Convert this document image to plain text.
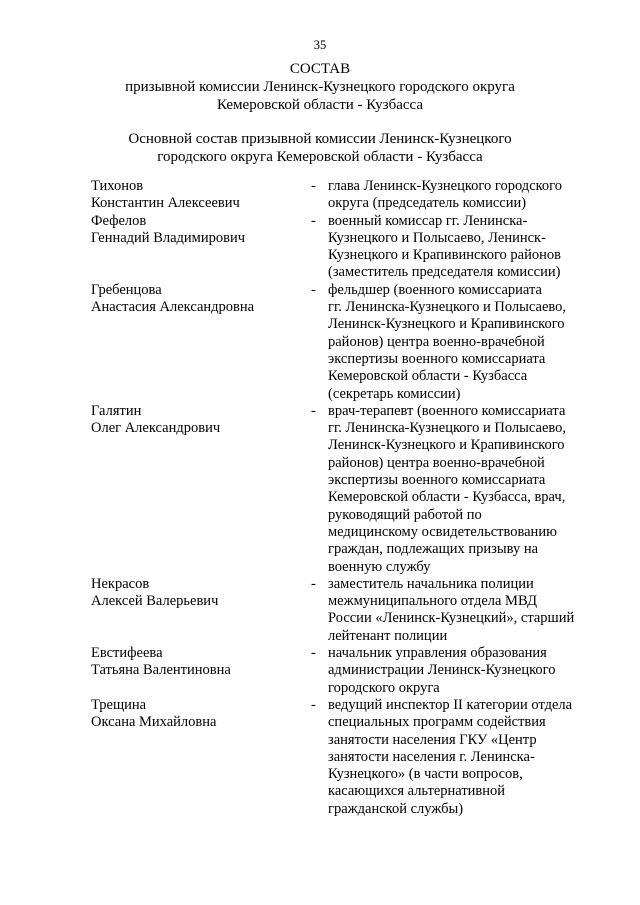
35
СОСТАВ
призывной комиссии Ленинск-Кузнецкого городского округа
Кемеровской области - Кузбасса
Основной состав призывной комиссии Ленинск-Кузнецкого
городского округа Кемеровской области - Кузбасса
Тихонов
Константин Алексеевич
- глава Ленинск-Кузнецкого городского
округа (председатель комиссии)
Фефелов
Геннадий Владимирович
- военный комиссар гг. Ленинска-
Кузнецкого и Полысаево, Ленинск-
Кузнецкого и Крапивинского районов
(заместитель председателя комиссии)
Гребенцова
Анастасия Александровна
- фельдшер (военного комиссариата
гг. Ленинска-Кузнецкого и Полысаево,
Ленинск-Кузнецкого и Крапивинского
районов) центра военно-врачебной
экспертизы военного комиссариата
Кемеровской области - Кузбасса
(секретарь комиссии)
Галятин
Олег Александрович
- врач-терапевт (военного комиссариата
гг. Ленинска-Кузнецкого и Полысаево,
Ленинск-Кузнецкого и Крапивинского
районов) центра военно-врачебной
экспертизы военного комиссариата
Кемеровской области - Кузбасса, врач,
руководящий работой по
медицинскому освидетельствованию
граждан, подлежащих призыву на
военную службу
Некрасов
Алексей Валерьевич
- заместитель начальника полиции
межмуниципального отдела МВД
России «Ленинск-Кузнецкий», старший
лейтенант полиции
Евстифеева
Татьяна Валентиновна
- начальник управления образования
администрации Ленинск-Кузнецкого
городского округа
Трещина
Оксана Михайловна
- ведущий инспектор II категории отдела
специальных программ содействия
занятости населения ГКУ «Центр
занятости населения г. Ленинска-
Кузнецкого» (в части вопросов,
касающихся альтернативной
гражданской службы)
